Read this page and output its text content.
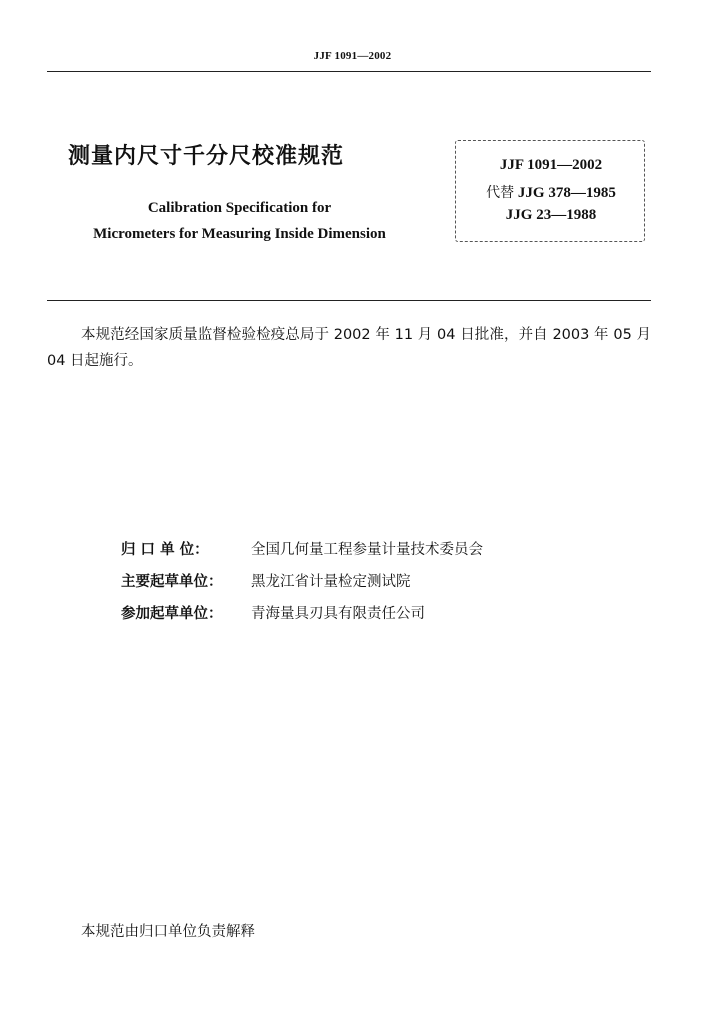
JJF 1091—2002
测量内尺寸千分尺校准规范
Calibration Specification for
Micrometers for Measuring Inside Dimension
JJF 1091—2002
代替 JJG 378—1985
JJG 23—1988
本规范经国家质量监督检验检疫总局于 2002 年 11 月 04 日批准，并自 2003 年 05 月 04 日起施行。
归 口 单 位：	全国几何量工程参量计量技术委员会
主要起草单位： 黑龙江省计量检定测试院
参加起草单位： 青海量具刃具有限责任公司
本规范由归口单位负责解释
